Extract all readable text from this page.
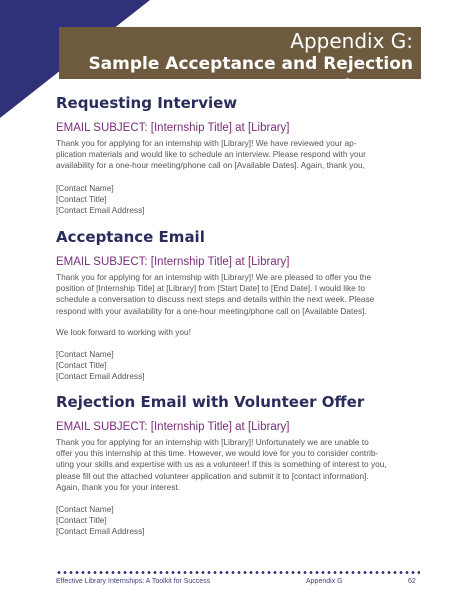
Appendix G:
Sample Acceptance and Rejection Letters
Requesting Interview

EMAIL SUBJECT: [Internship Title] at [Library]

Thank you for applying for an internship with [Library]! We have reviewed your ap-
plication materials and would like to schedule an interview. Please respond with your
availability for a one-hour meeting/phone call on [Available Dates]. Again, thank you,

[Contact Name]
[Contact Title]
[Contact Email Address]

Acceptance Email

EMAIL SUBJECT: [Internship Title] at [Library]

Thank you for applying for an internship with [Library]! We are pleased to offer you the
position of [Internship Title] at [Library] from [Start Date] to [End Date]. I would like to
schedule a conversation to discuss next steps and details within the next week. Please
respond with your availability for a one-hour meeting/phone call on [Available Dates].

We look forward to working with you!

[Contact Name]
[Contact Title]
[Contact Email Address]

Rejection Email with Volunteer Offer

EMAIL SUBJECT: [Internship Title] at [Library]

Thank you for applying for an internship with [Library]! Unfortunately we are unable to
offer you this internship at this time. However, we would love for you to consider contrib-
uting your skills and expertise with us as a volunteer! If this is something of interest to you,
please fill out the attached volunteer application and submit it to [contact information].
Again, thank you for your interest.

[Contact Name]
[Contact Title]
[Contact Email Address]

Effective Library Internships: A Toolkit for Success	Appendix G	62
